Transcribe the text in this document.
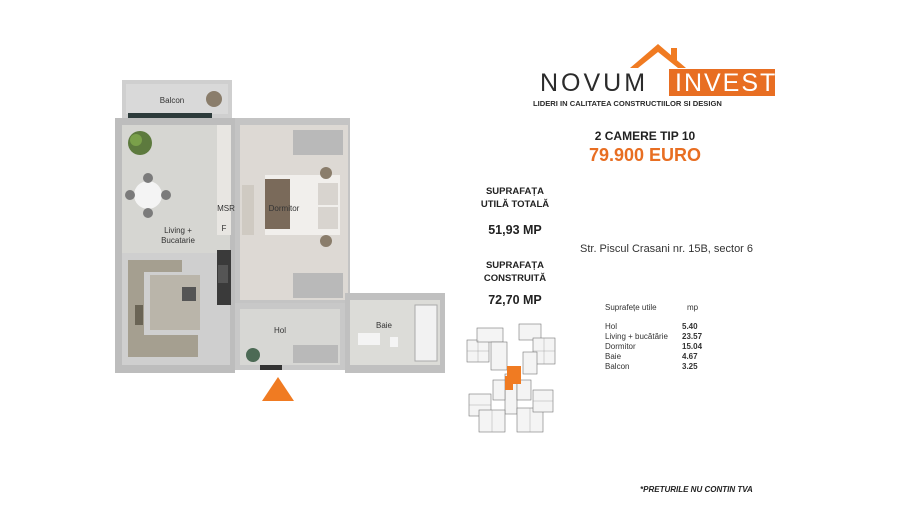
Balcon
Living +
Bucatarie
MSR
F
Dormitor
Hol
Baie
NOVUM INVEST
LIDERI IN CALITATEA CONSTRUCTIILOR SI DESIGN
2 CAMERE TIP 10
79.900 EURO
SUPRAFAȚA
UTILĂ TOTALĂ
51,93 MP
SUPRAFAȚA
CONSTRUITĂ
72,70 MP
Str. Piscul Crasani nr. 15B, sector 6
Suprafețe utile	mp
Hol	5.40
Living + bucătărie	23.57
Dormitor	15.04
Baie	4.67
Balcon	3.25
*PRETURILE NU CONTIN TVA
